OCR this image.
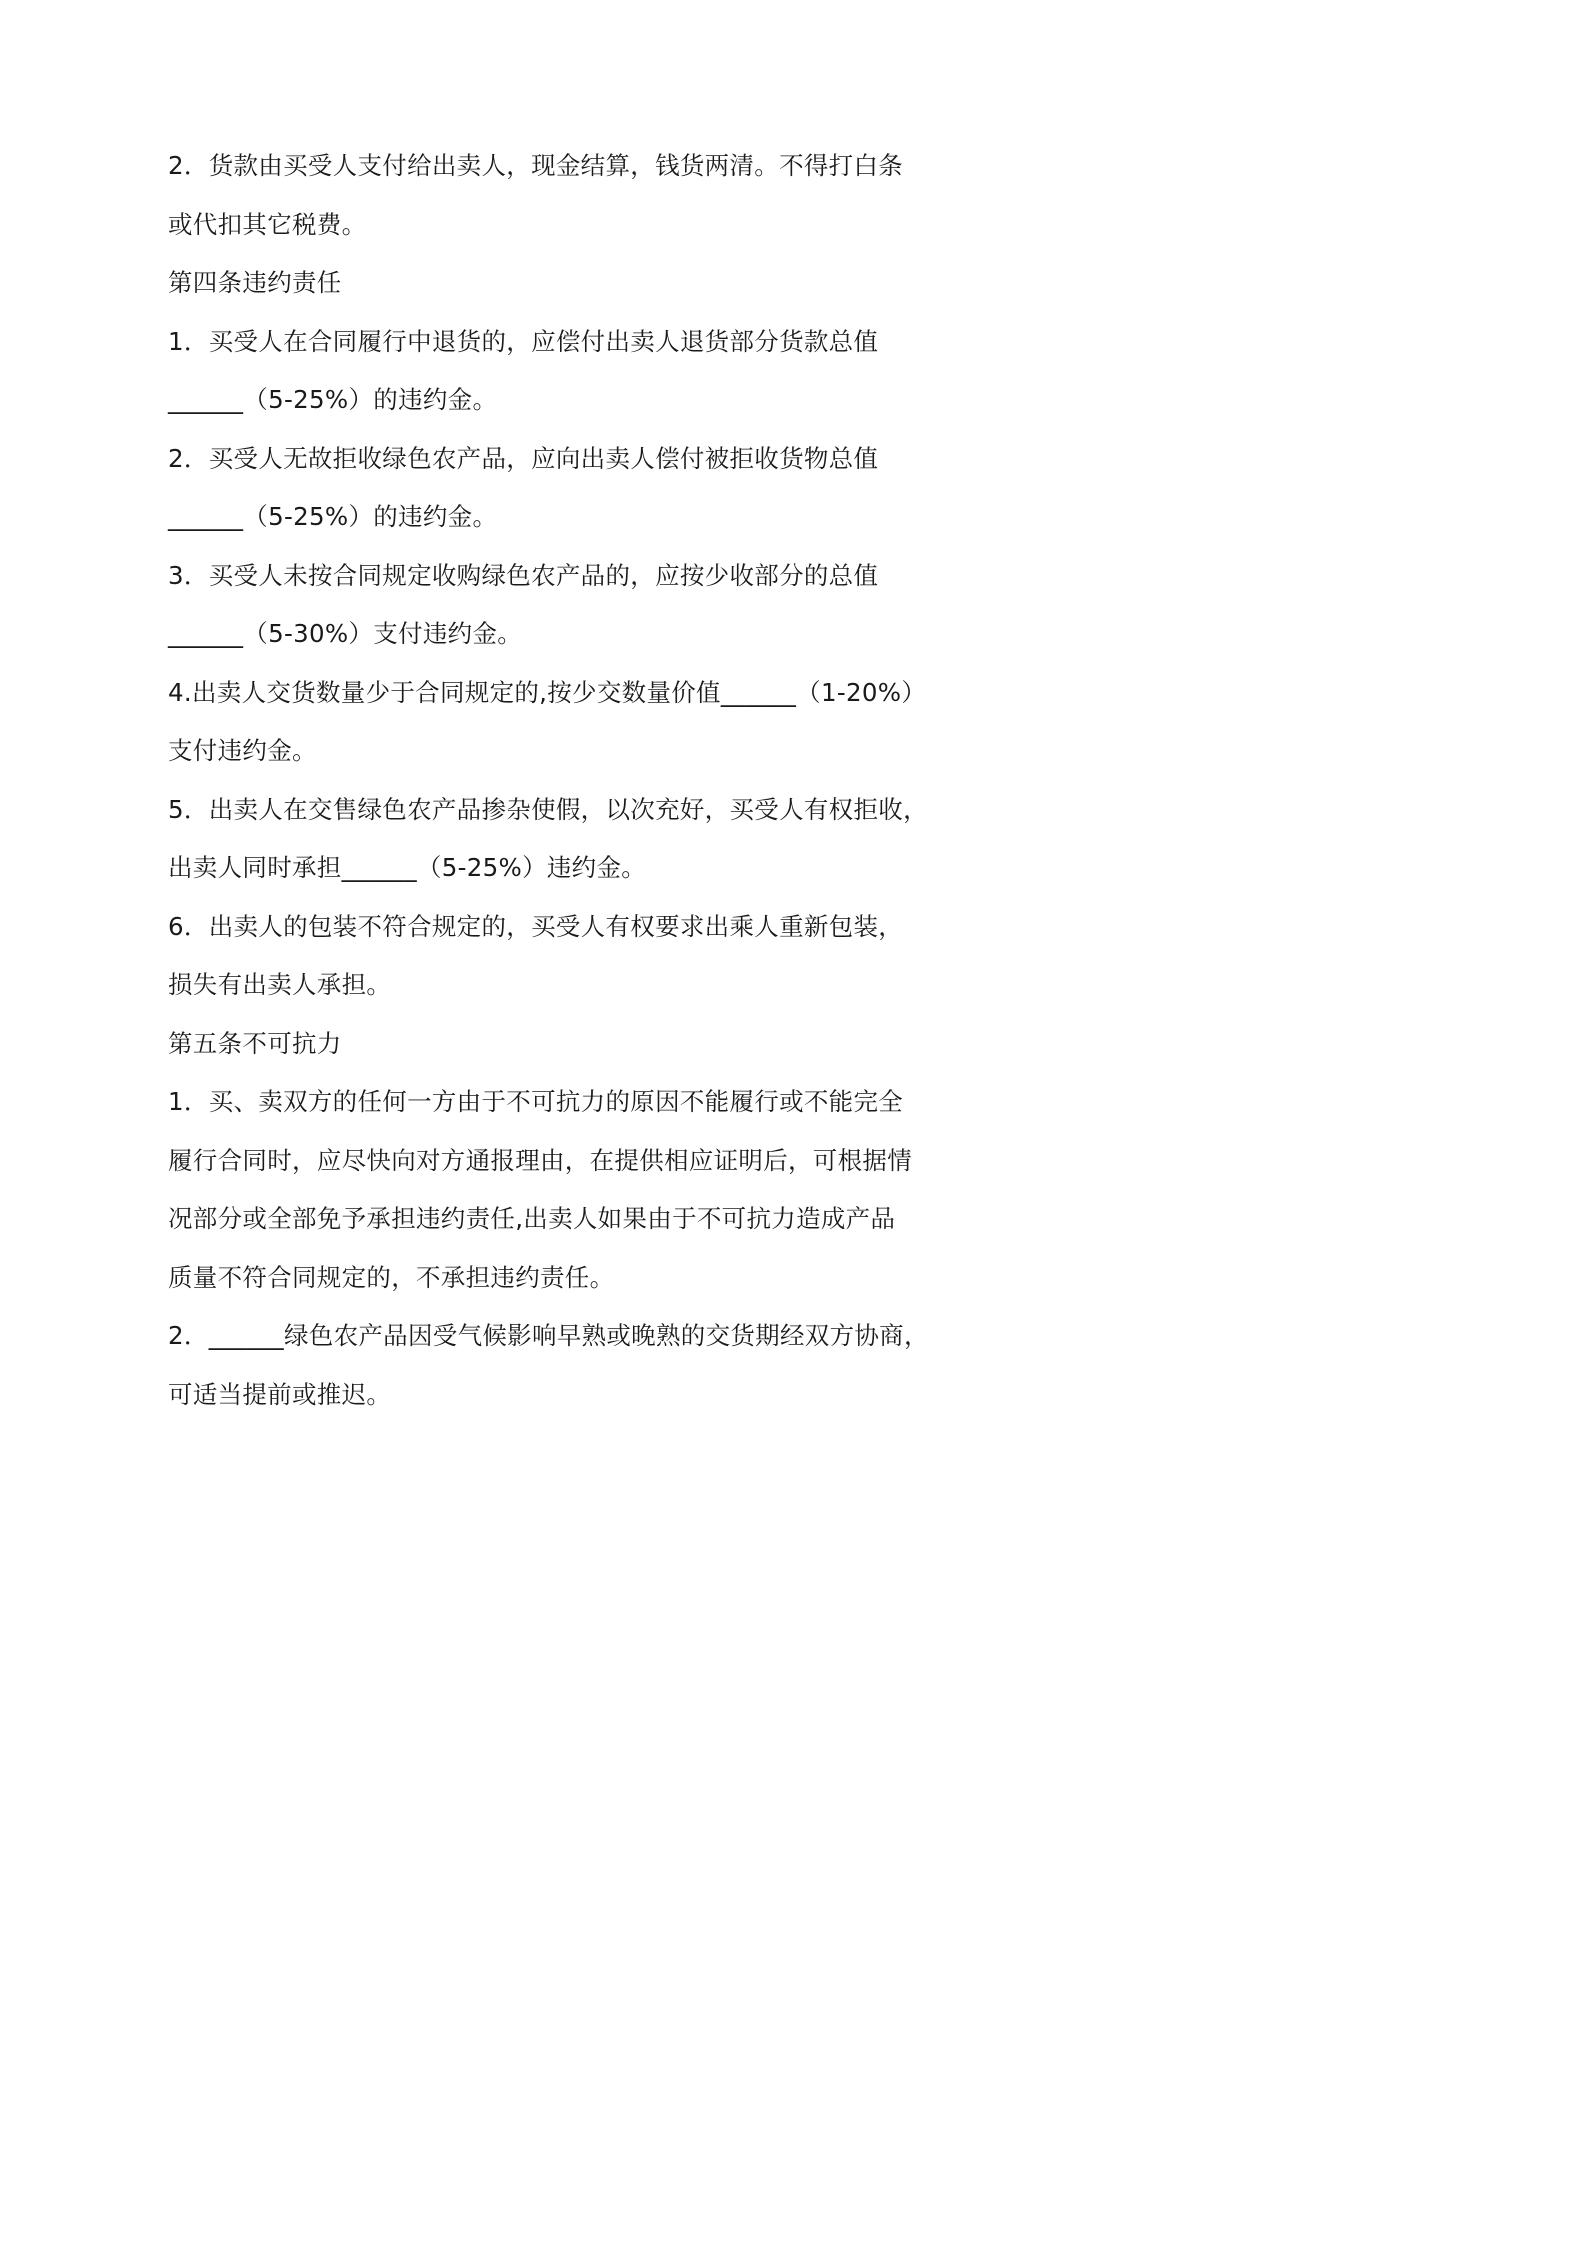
2．货款由买受人支付给出卖人，现金结算，钱货两清。不得打白条
或代扣其它税费。
第四条违约责任
1．买受人在合同履行中退货的，应偿付出卖人退货部分货款总值
______（5-25%）的违约金。
2．买受人无故拒收绿色农产品，应向出卖人偿付被拒收货物总值
______（5-25%）的违约金。
3．买受人未按合同规定收购绿色农产品的，应按少收部分的总值
______（5-30%）支付违约金。
4.出卖人交货数量少于合同规定的,按少交数量价值______（1-20%）
支付违约金。
5．出卖人在交售绿色农产品掺杂使假，以次充好，买受人有权拒收，
出卖人同时承担______（5-25%）违约金。
6．出卖人的包装不符合规定的，买受人有权要求出乘人重新包装，
损失有出卖人承担。
第五条不可抗力
1．买、卖双方的任何一方由于不可抗力的原因不能履行或不能完全
履行合同时，应尽快向对方通报理由，在提供相应证明后，可根据情
况部分或全部免予承担违约责任,出卖人如果由于不可抗力造成产品
质量不符合同规定的，不承担违约责任。
2．______绿色农产品因受气候影响早熟或晚熟的交货期经双方协商，
可适当提前或推迟。
